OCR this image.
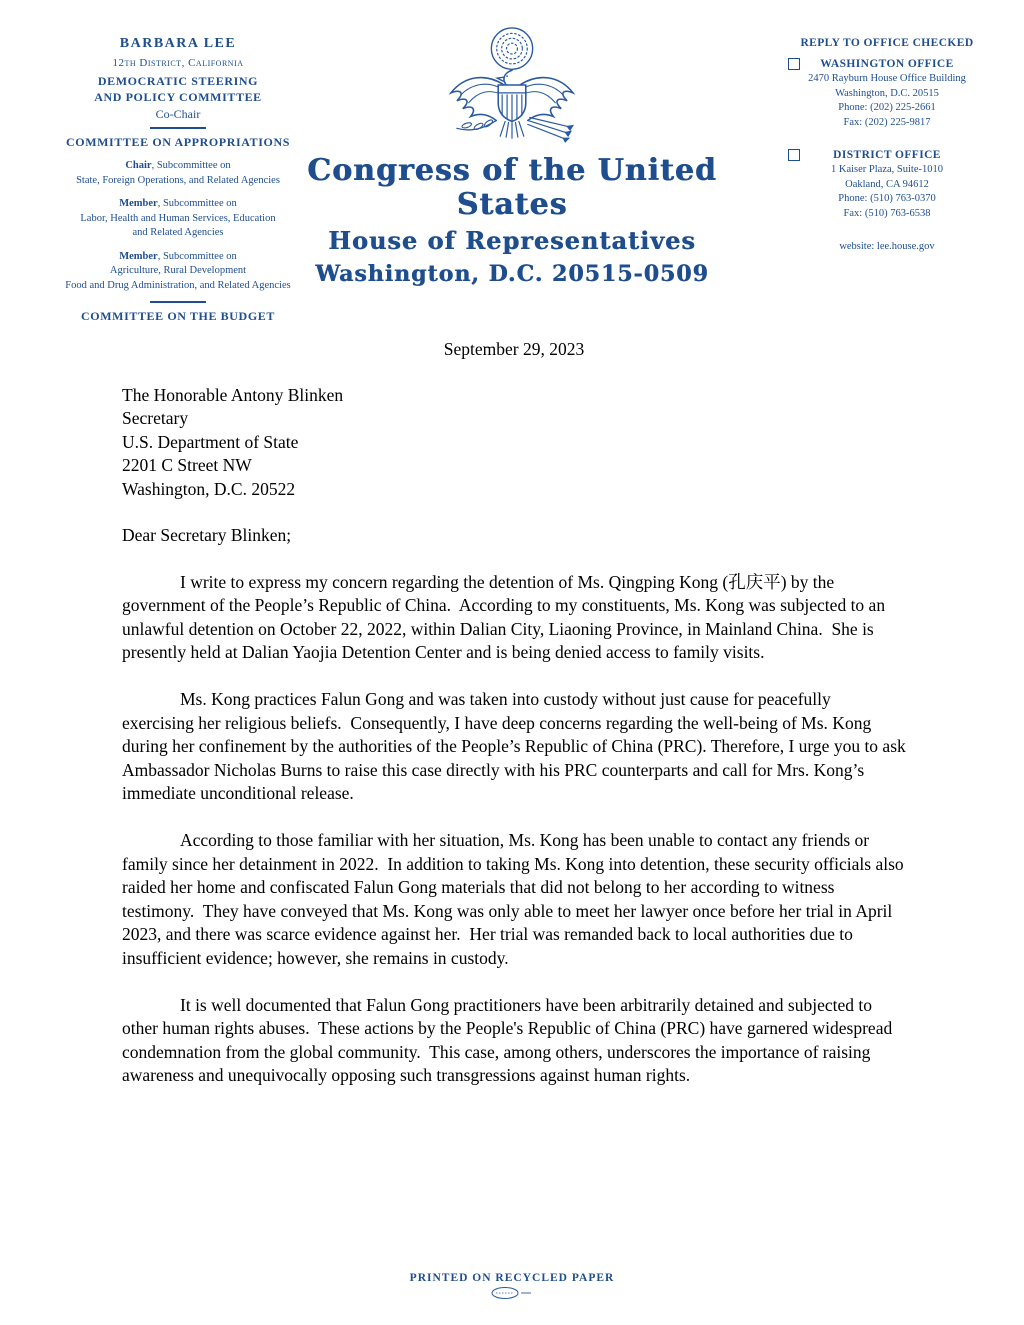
BARBARA LEE
12th District, California
DEMOCRATIC STEERING
AND POLICY COMMITTEE
Co-Chair
COMMITTEE ON APPROPRIATIONS
Chair, Subcommittee on
State, Foreign Operations, and Related Agencies
Member, Subcommittee on
Labor, Health and Human Services, Education
and Related Agencies
Member, Subcommittee on
Agriculture, Rural Development
Food and Drug Administration, and Related Agencies
COMMITTEE ON THE BUDGET
Congress of the United States
House of Representatives
Washington, D.C. 20515-0509
REPLY TO OFFICE CHECKED
WASHINGTON OFFICE
2470 Rayburn House Office Building
Washington, D.C. 20515
Phone: (202) 225-2661
Fax: (202) 225-9817
DISTRICT OFFICE
1 Kaiser Plaza, Suite-1010
Oakland, CA 94612
Phone: (510) 763-0370
Fax: (510) 763-6538
website: lee.house.gov
September 29, 2023
The Honorable Antony Blinken
Secretary
U.S. Department of State
2201 C Street NW
Washington, D.C. 20522
Dear Secretary Blinken;

I write to express my concern regarding the detention of Ms. Qingping Kong (孔庆平) by the government of the People’s Republic of China.  According to my constituents, Ms. Kong was subjected to an unlawful detention on October 22, 2022, within Dalian City, Liaoning Province, in Mainland China.  She is presently held at Dalian Yaojia Detention Center and is being denied access to family visits.

Ms. Kong practices Falun Gong and was taken into custody without just cause for peacefully exercising her religious beliefs.  Consequently, I have deep concerns regarding the well-being of Ms. Kong during her confinement by the authorities of the People’s Republic of China (PRC). Therefore, I urge you to ask Ambassador Nicholas Burns to raise this case directly with his PRC counterparts and call for Mrs. Kong’s immediate unconditional release.

According to those familiar with her situation, Ms. Kong has been unable to contact any friends or family since her detainment in 2022.  In addition to taking Ms. Kong into detention, these security officials also raided her home and confiscated Falun Gong materials that did not belong to her according to witness testimony.  They have conveyed that Ms. Kong was only able to meet her lawyer once before her trial in April 2023, and there was scarce evidence against her.  Her trial was remanded back to local authorities due to insufficient evidence; however, she remains in custody.

It is well documented that Falun Gong practitioners have been arbitrarily detained and subjected to other human rights abuses.  These actions by the People's Republic of China (PRC) have garnered widespread condemnation from the global community.  This case, among others, underscores the importance of raising awareness and unequivocally opposing such transgressions against human rights.

PRINTED ON RECYCLED PAPER
